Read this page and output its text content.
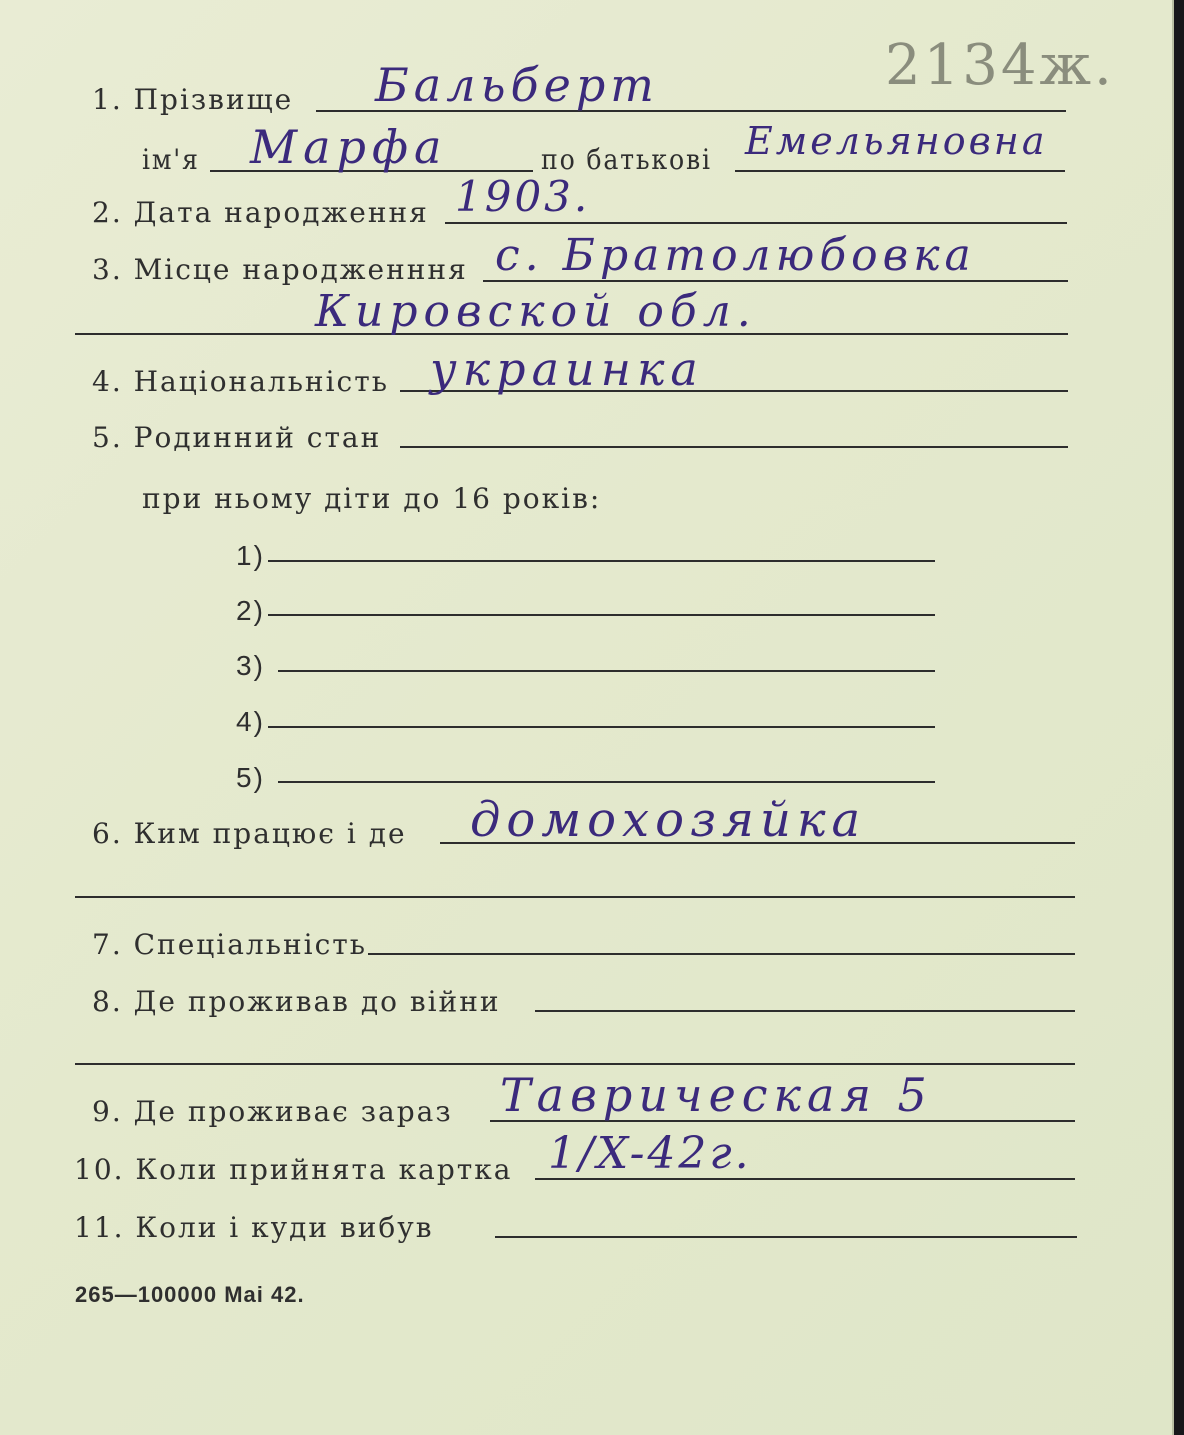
1. Прізвище Бальберт	2134ж.
ім'я Марфа	по батькові Емельяновна
2. Дата народження 1903.
3. Місце народженння с. Братолюбовка
Кировской обл.
4. Національність украинка
5. Родинний стан
при ньому діти до 16 років:
1)
2)
3)
4)
5)
6. Ким працює і де домохозяйка
7. Спеціальність
8. Де проживав до війни
9. Де проживає зараз Таврическая 5
10. Коли прийнята картка 1/X-42г.
11. Коли і куди вибув
265—100000 Mai 42.
